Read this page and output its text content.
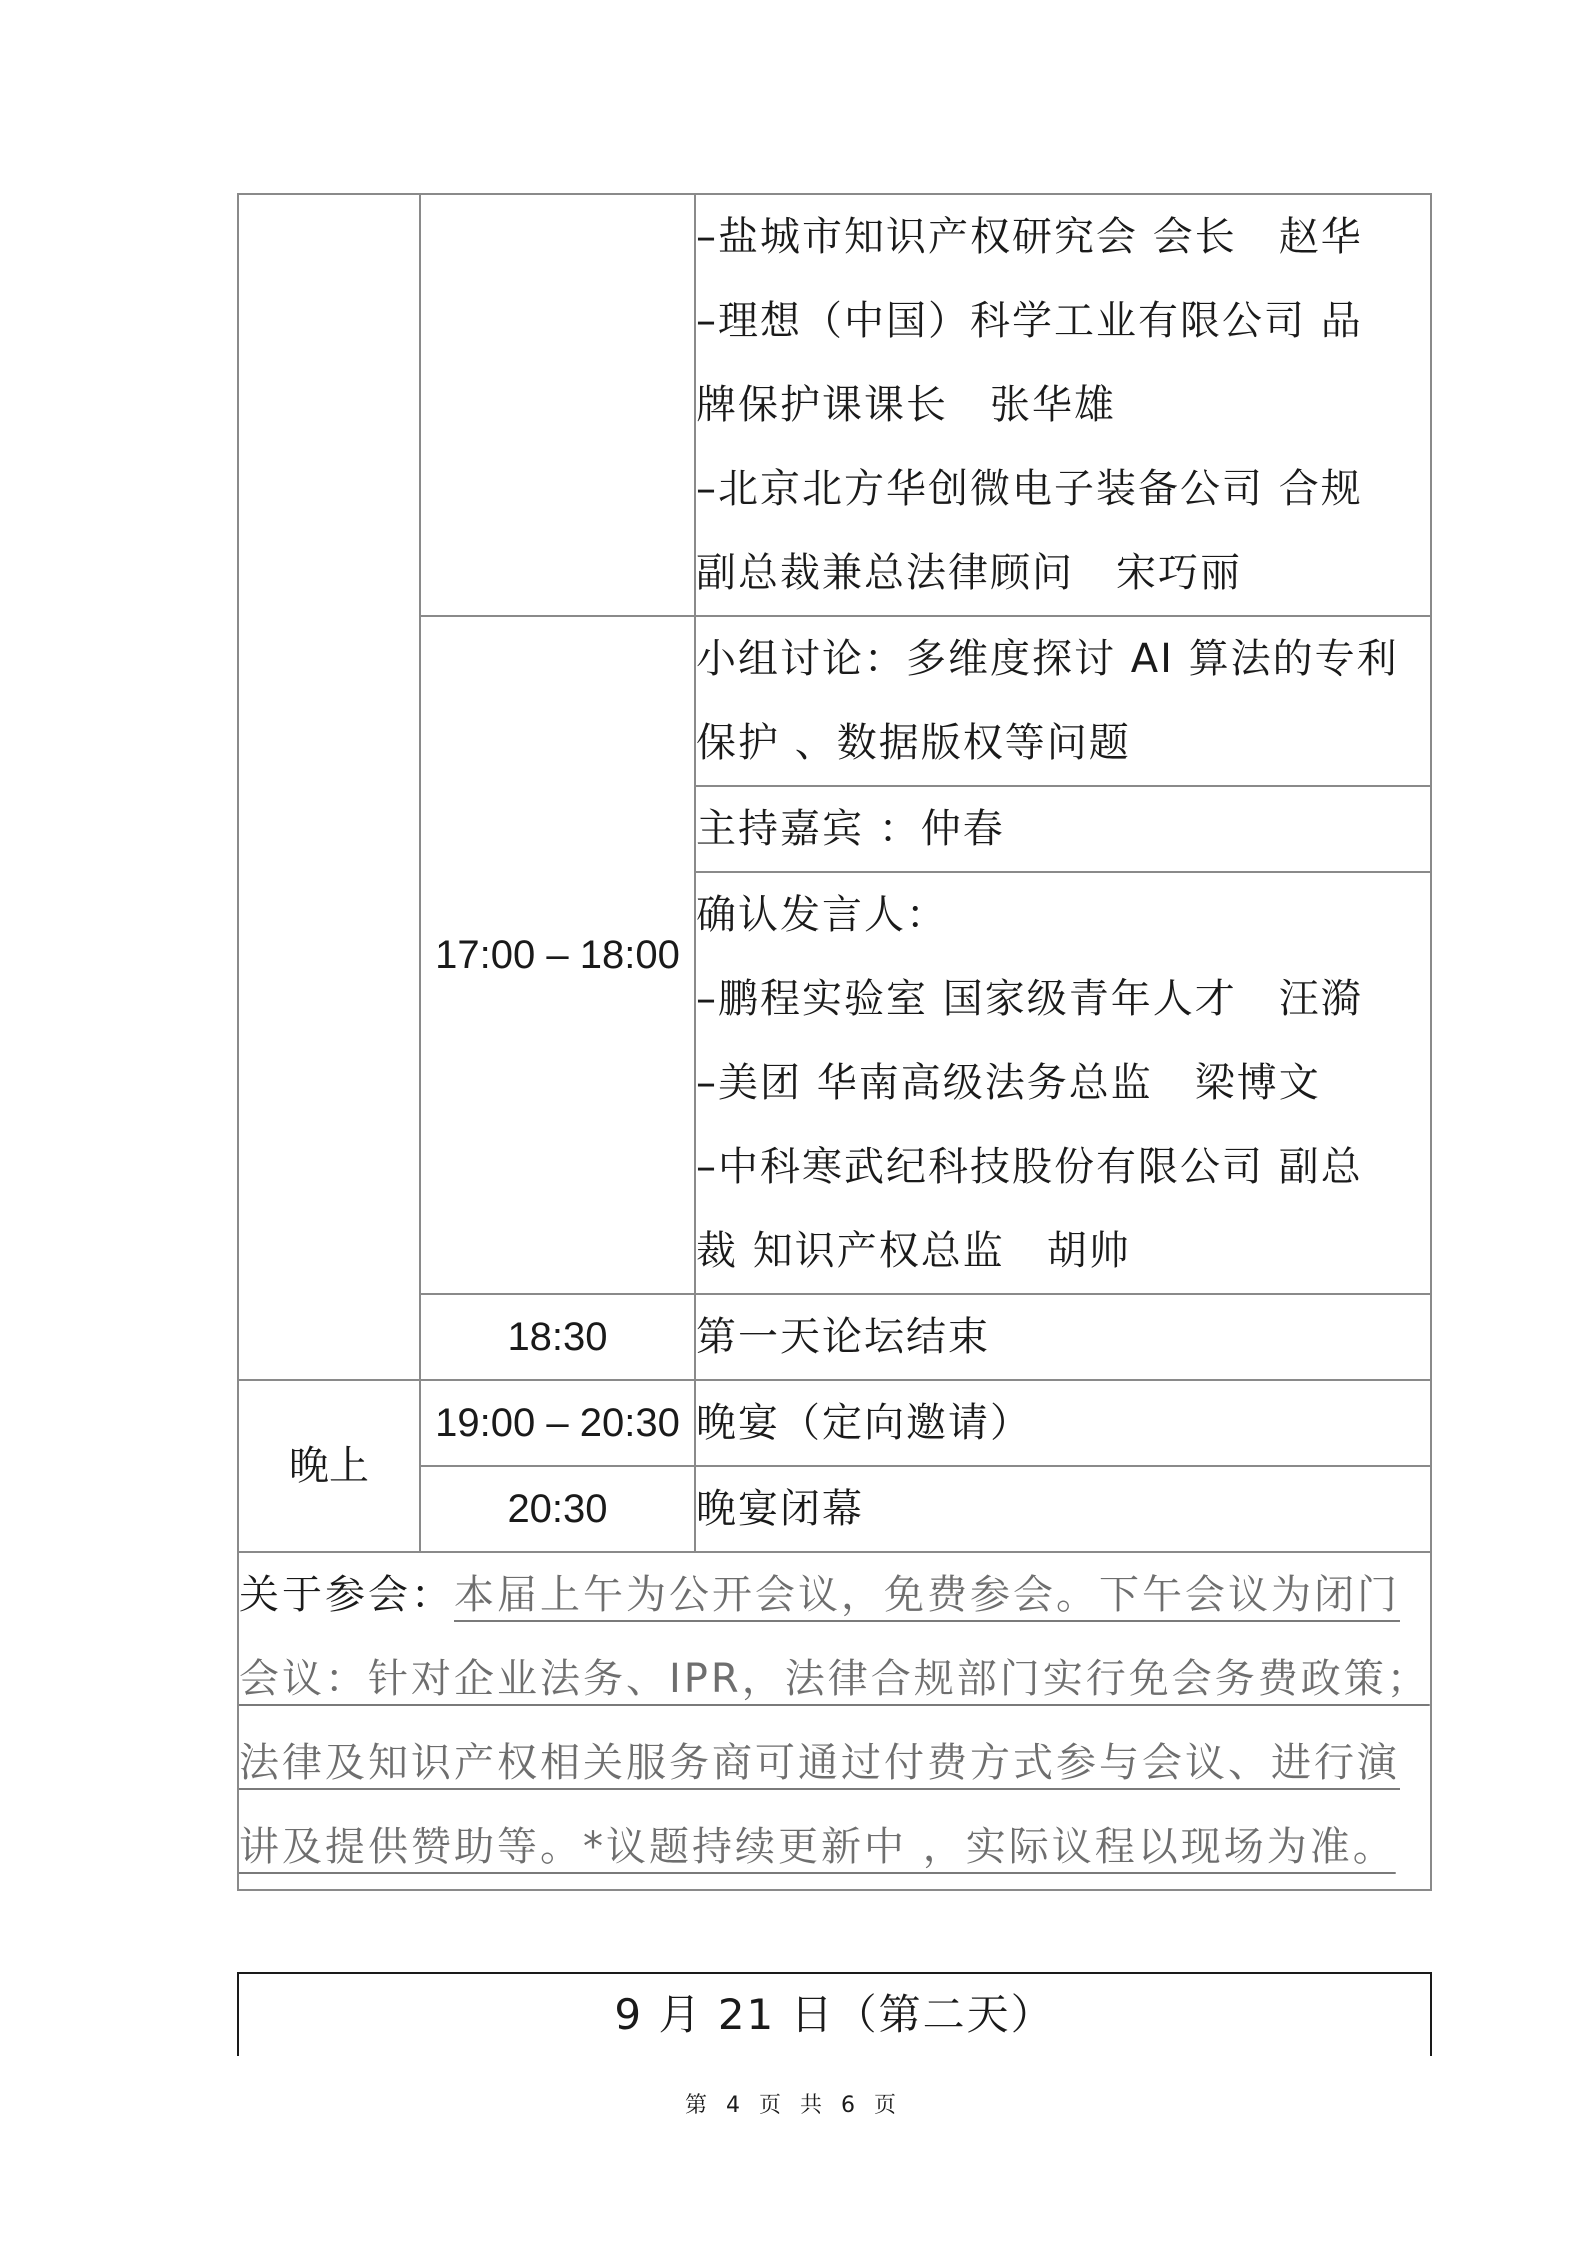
		–盐城市知识产权研究会 会长　赵华
–理想（中国）科学工业有限公司 品
牌保护课课长　张华雄
–北京北方华创微电子装备公司 合规
副总裁兼总法律顾问　宋巧丽

	17:00 – 18:00	小组讨论：多维度探讨 AI 算法的专利
保护 、数据版权等问题

		主持嘉宾 ：仲春

		确认发言人：
–鹏程实验室 国家级青年人才　汪漪
–美团 华南高级法务总监　梁博文
–中科寒武纪科技股份有限公司 副总
裁 知识产权总监　胡帅

	18:30	第一天论坛结束
晚上	19:00 – 20:30	晚宴（定向邀请）
	20:30	晚宴闭幕

关于参会：本届上午为公开会议，免费参会。下午会议为闭门
会议：针对企业法务、IPR，法律合规部门实行免会务费政策；
法律及知识产权相关服务商可通过付费方式参与会议、进行演
讲及提供赞助等。*议题持续更新中 ，实际议程以现场为准。		
9 月 21 日（第二天）
第 4 页 共 6 页
